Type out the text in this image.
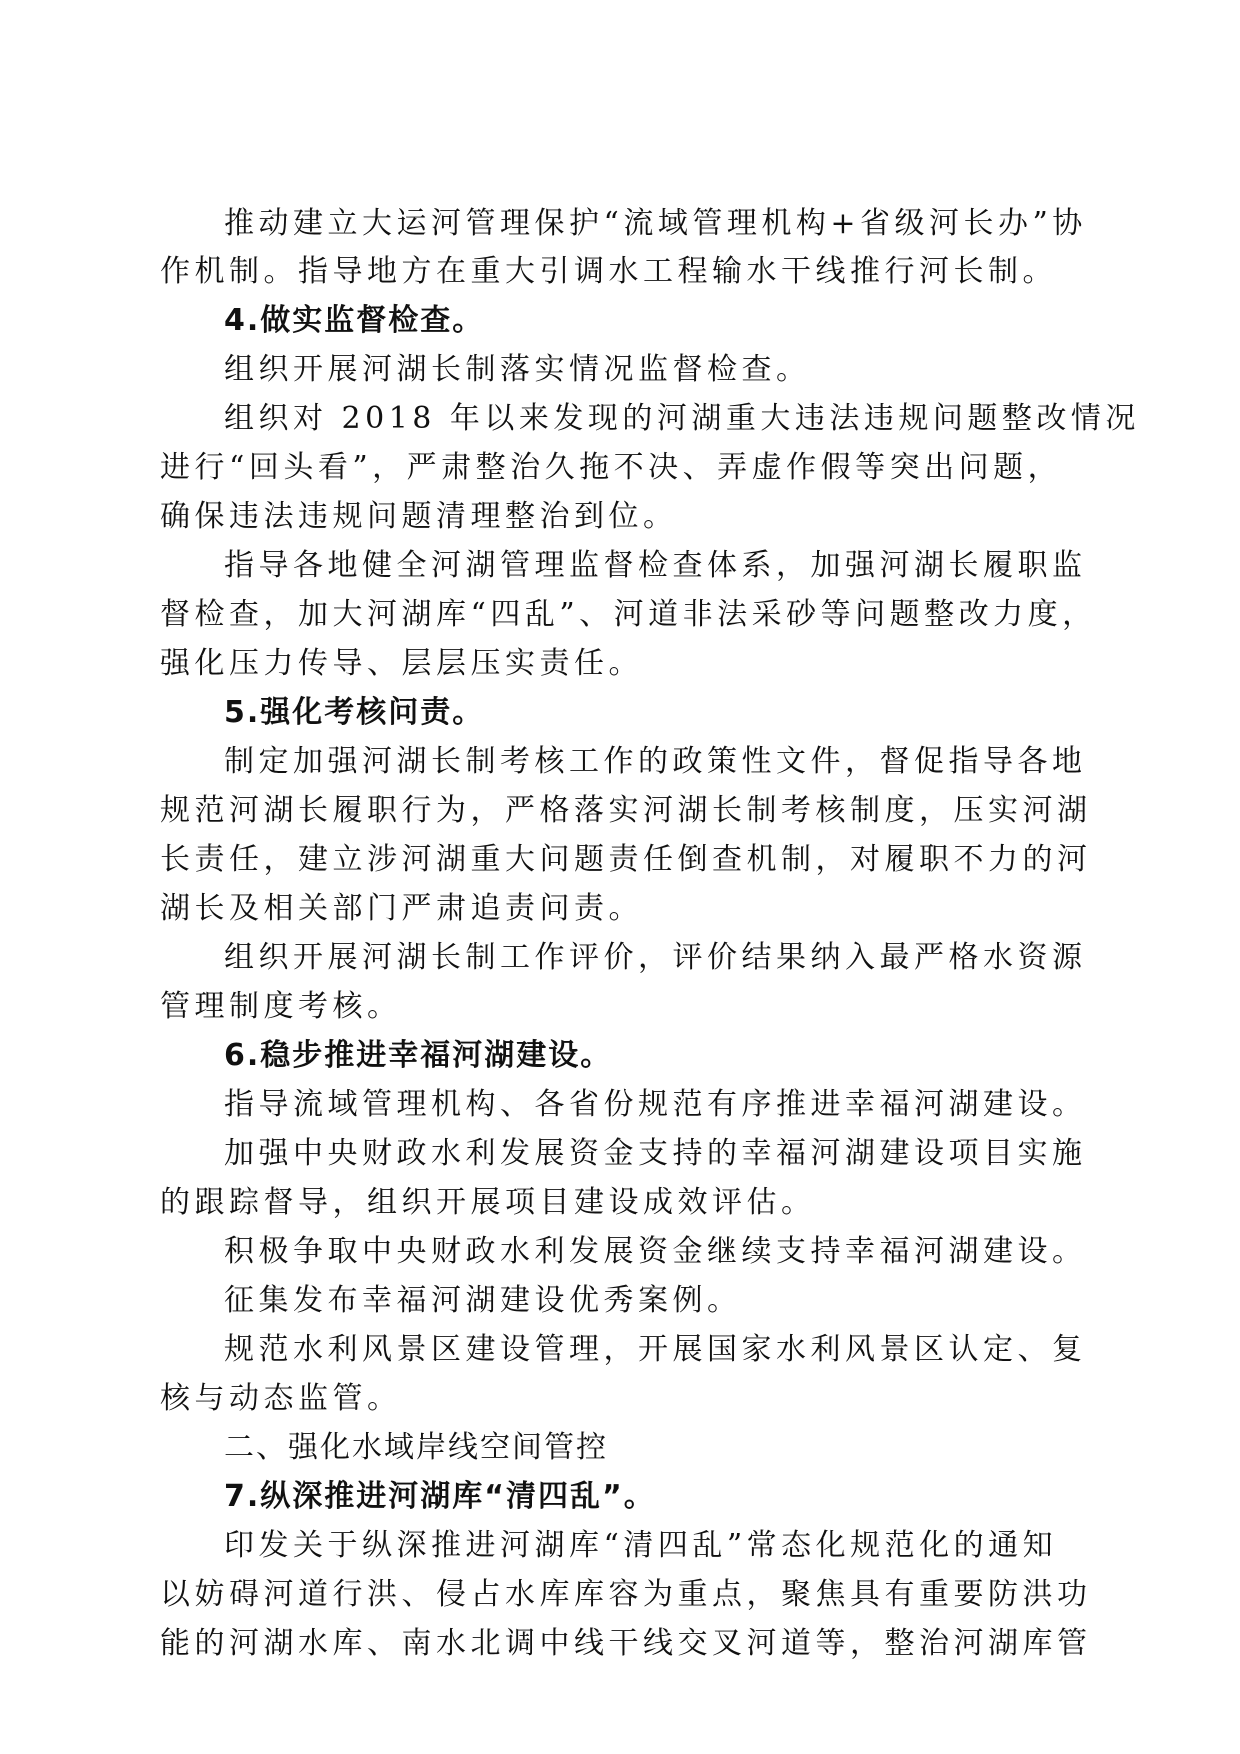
推动建立大运河管理保护“流域管理机构+省级河长办”协
作机制。指导地方在重大引调水工程输水干线推行河长制。
4.做实监督检查。
组织开展河湖长制落实情况监督检查。
组织对 2018 年以来发现的河湖重大违法违规问题整改情况
进行“回头看”，严肃整治久拖不决、弄虚作假等突出问题，
确保违法违规问题清理整治到位。
指导各地健全河湖管理监督检查体系，加强河湖长履职监
督检查，加大河湖库“四乱”、河道非法采砂等问题整改力度，
强化压力传导、层层压实责任。
5.强化考核问责。
制定加强河湖长制考核工作的政策性文件，督促指导各地
规范河湖长履职行为，严格落实河湖长制考核制度，压实河湖
长责任，建立涉河湖重大问题责任倒查机制，对履职不力的河
湖长及相关部门严肃追责问责。
组织开展河湖长制工作评价，评价结果纳入最严格水资源
管理制度考核。
6.稳步推进幸福河湖建设。
指导流域管理机构、各省份规范有序推进幸福河湖建设。
加强中央财政水利发展资金支持的幸福河湖建设项目实施
的跟踪督导，组织开展项目建设成效评估。
积极争取中央财政水利发展资金继续支持幸福河湖建设。
征集发布幸福河湖建设优秀案例。
规范水利风景区建设管理，开展国家水利风景区认定、复
核与动态监管。
二、强化水域岸线空间管控
7.纵深推进河湖库“清四乱”。
印发关于纵深推进河湖库“清四乱”常态化规范化的通知
以妨碍河道行洪、侵占水库库容为重点，聚焦具有重要防洪功
能的河湖水库、南水北调中线干线交叉河道等，整治河湖库管
